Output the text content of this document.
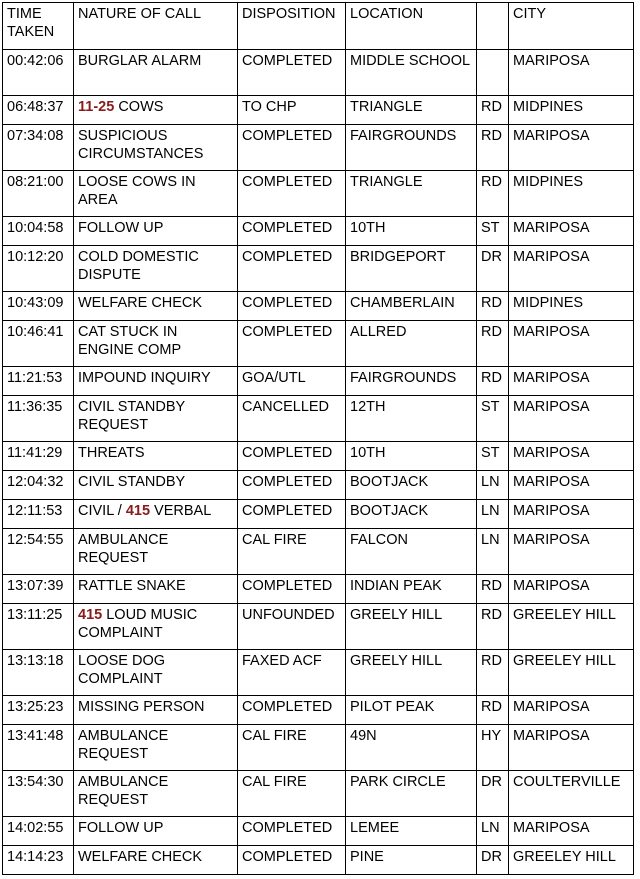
TIME TAKEN	NATURE OF CALL	DISPOSITION	LOCATION		CITY
00:42:06	BURGLAR ALARM	COMPLETED	MIDDLE SCHOOL		MARIPOSA
06:48:37	11-25 COWS	TO CHP	TRIANGLE	RD	MIDPINES
07:34:08	SUSPICIOUS CIRCUMSTANCES	COMPLETED	FAIRGROUNDS	RD	MARIPOSA
08:21:00	LOOSE COWS IN AREA	COMPLETED	TRIANGLE	RD	MIDPINES
10:04:58	FOLLOW UP	COMPLETED	10TH	ST	MARIPOSA
10:12:20	COLD DOMESTIC DISPUTE	COMPLETED	BRIDGEPORT	DR	MARIPOSA
10:43:09	WELFARE CHECK	COMPLETED	CHAMBERLAIN	RD	MIDPINES
10:46:41	CAT STUCK IN ENGINE COMP	COMPLETED	ALLRED	RD	MARIPOSA
11:21:53	IMPOUND INQUIRY	GOA/UTL	FAIRGROUNDS	RD	MARIPOSA
11:36:35	CIVIL STANDBY REQUEST	CANCELLED	12TH	ST	MARIPOSA
11:41:29	THREATS	COMPLETED	10TH	ST	MARIPOSA
12:04:32	CIVIL STANDBY	COMPLETED	BOOTJACK	LN	MARIPOSA
12:11:53	CIVIL / 415 VERBAL	COMPLETED	BOOTJACK	LN	MARIPOSA
12:54:55	AMBULANCE REQUEST	CAL FIRE	FALCON	LN	MARIPOSA
13:07:39	RATTLE SNAKE	COMPLETED	INDIAN PEAK	RD	MARIPOSA
13:11:25	415 LOUD MUSIC COMPLAINT	UNFOUNDED	GREELY HILL	RD	GREELEY HILL
13:13:18	LOOSE DOG COMPLAINT	FAXED ACF	GREELY HILL	RD	GREELEY HILL
13:25:23	MISSING PERSON	COMPLETED	PILOT PEAK	RD	MARIPOSA
13:41:48	AMBULANCE REQUEST	CAL FIRE	49N	HY	MARIPOSA
13:54:30	AMBULANCE REQUEST	CAL FIRE	PARK CIRCLE	DR	COULTERVILLE
14:02:55	FOLLOW UP	COMPLETED	LEMEE	LN	MARIPOSA
14:14:23	WELFARE CHECK	COMPLETED	PINE	DR	GREELEY HILL
